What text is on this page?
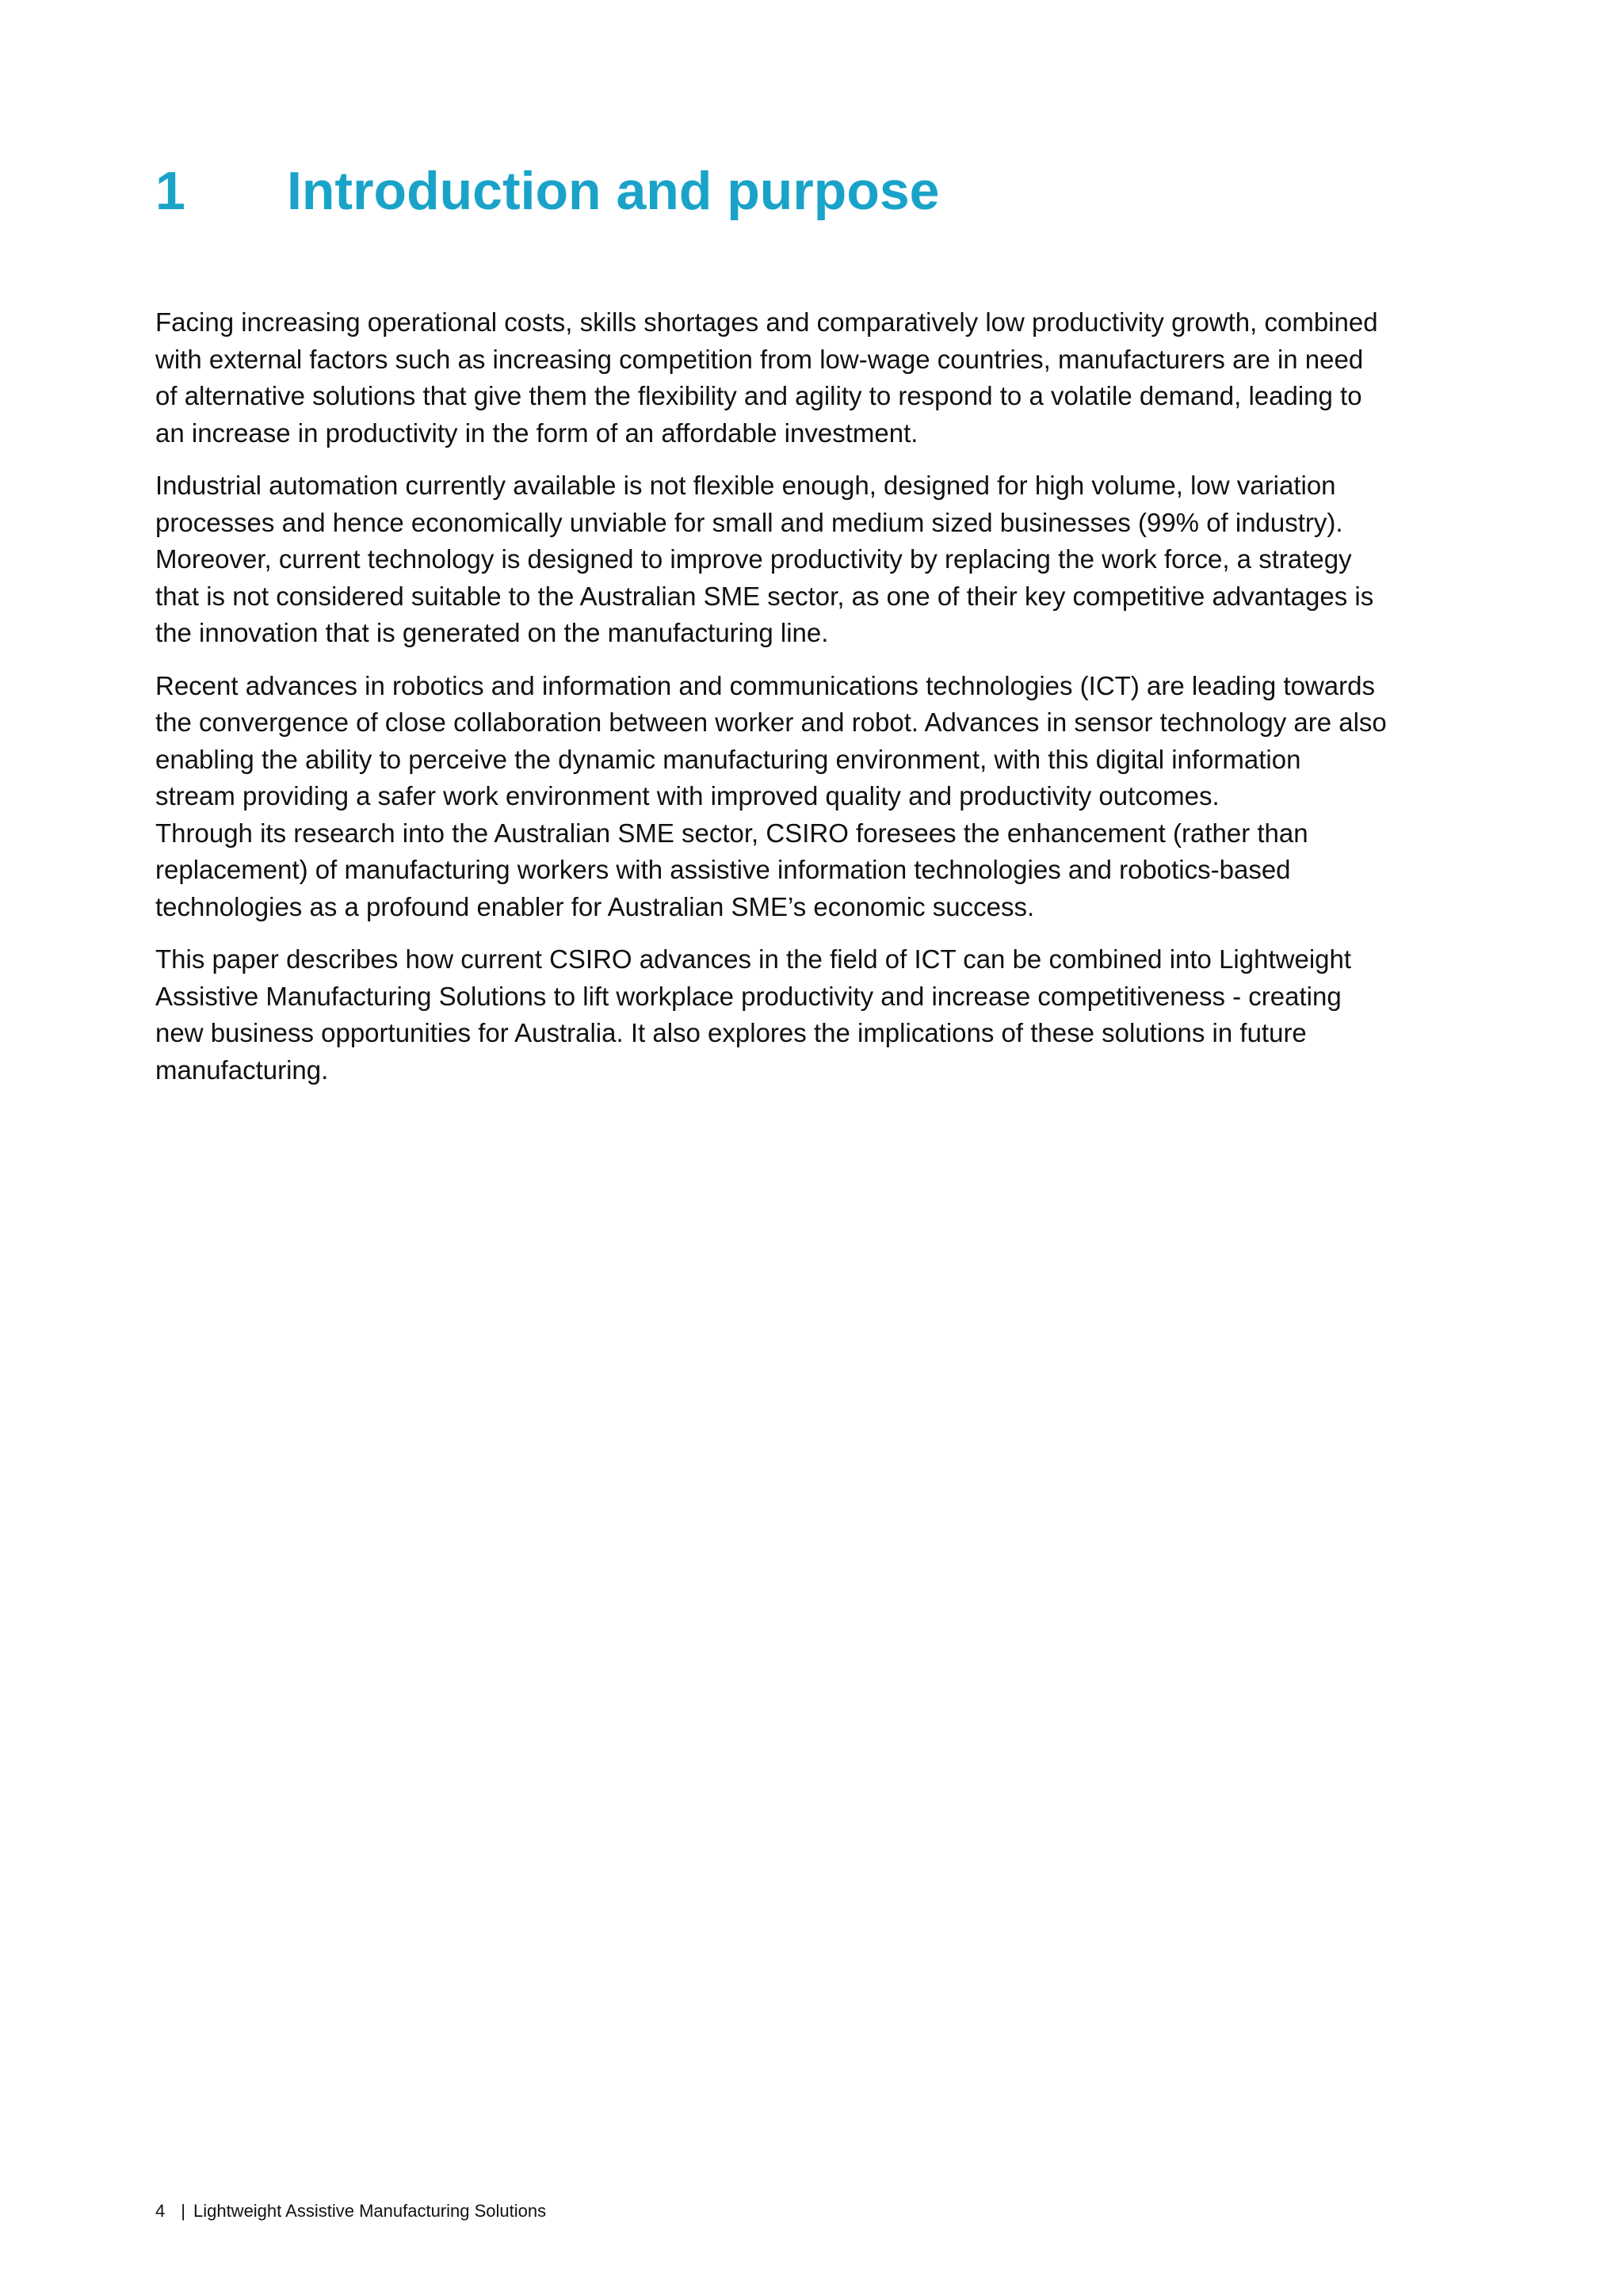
1	Introduction and purpose

Facing increasing operational costs, skills shortages and comparatively low productivity growth, combined
with external factors such as increasing competition from low-wage countries, manufacturers are in need
of alternative solutions that give them the flexibility and agility to respond to a volatile demand, leading to
an increase in productivity in the form of an affordable investment.

Industrial automation currently available is not flexible enough, designed for high volume, low variation
processes and hence economically unviable for small and medium sized businesses (99% of industry).
Moreover, current technology is designed to improve productivity by replacing the work force, a strategy
that is not considered suitable to the Australian SME sector, as one of their key competitive advantages is
the innovation that is generated on the manufacturing line.

Recent advances in robotics and information and communications technologies (ICT) are leading towards
the convergence of close collaboration between worker and robot. Advances in sensor technology are also
enabling the ability to perceive the dynamic manufacturing environment, with this digital information
stream providing a safer work environment with improved quality and productivity outcomes.

Through its research into the Australian SME sector, CSIRO foresees the enhancement (rather than
replacement) of manufacturing workers with assistive information technologies and robotics-based
technologies as a profound enabler for Australian SME’s economic success.

This paper describes how current CSIRO advances in the field of ICT can be combined into Lightweight
Assistive Manufacturing Solutions to lift workplace productivity and increase competitiveness - creating
new business opportunities for Australia. It also explores the implications of these solutions in future
manufacturing.

4 | Lightweight Assistive Manufacturing Solutions
